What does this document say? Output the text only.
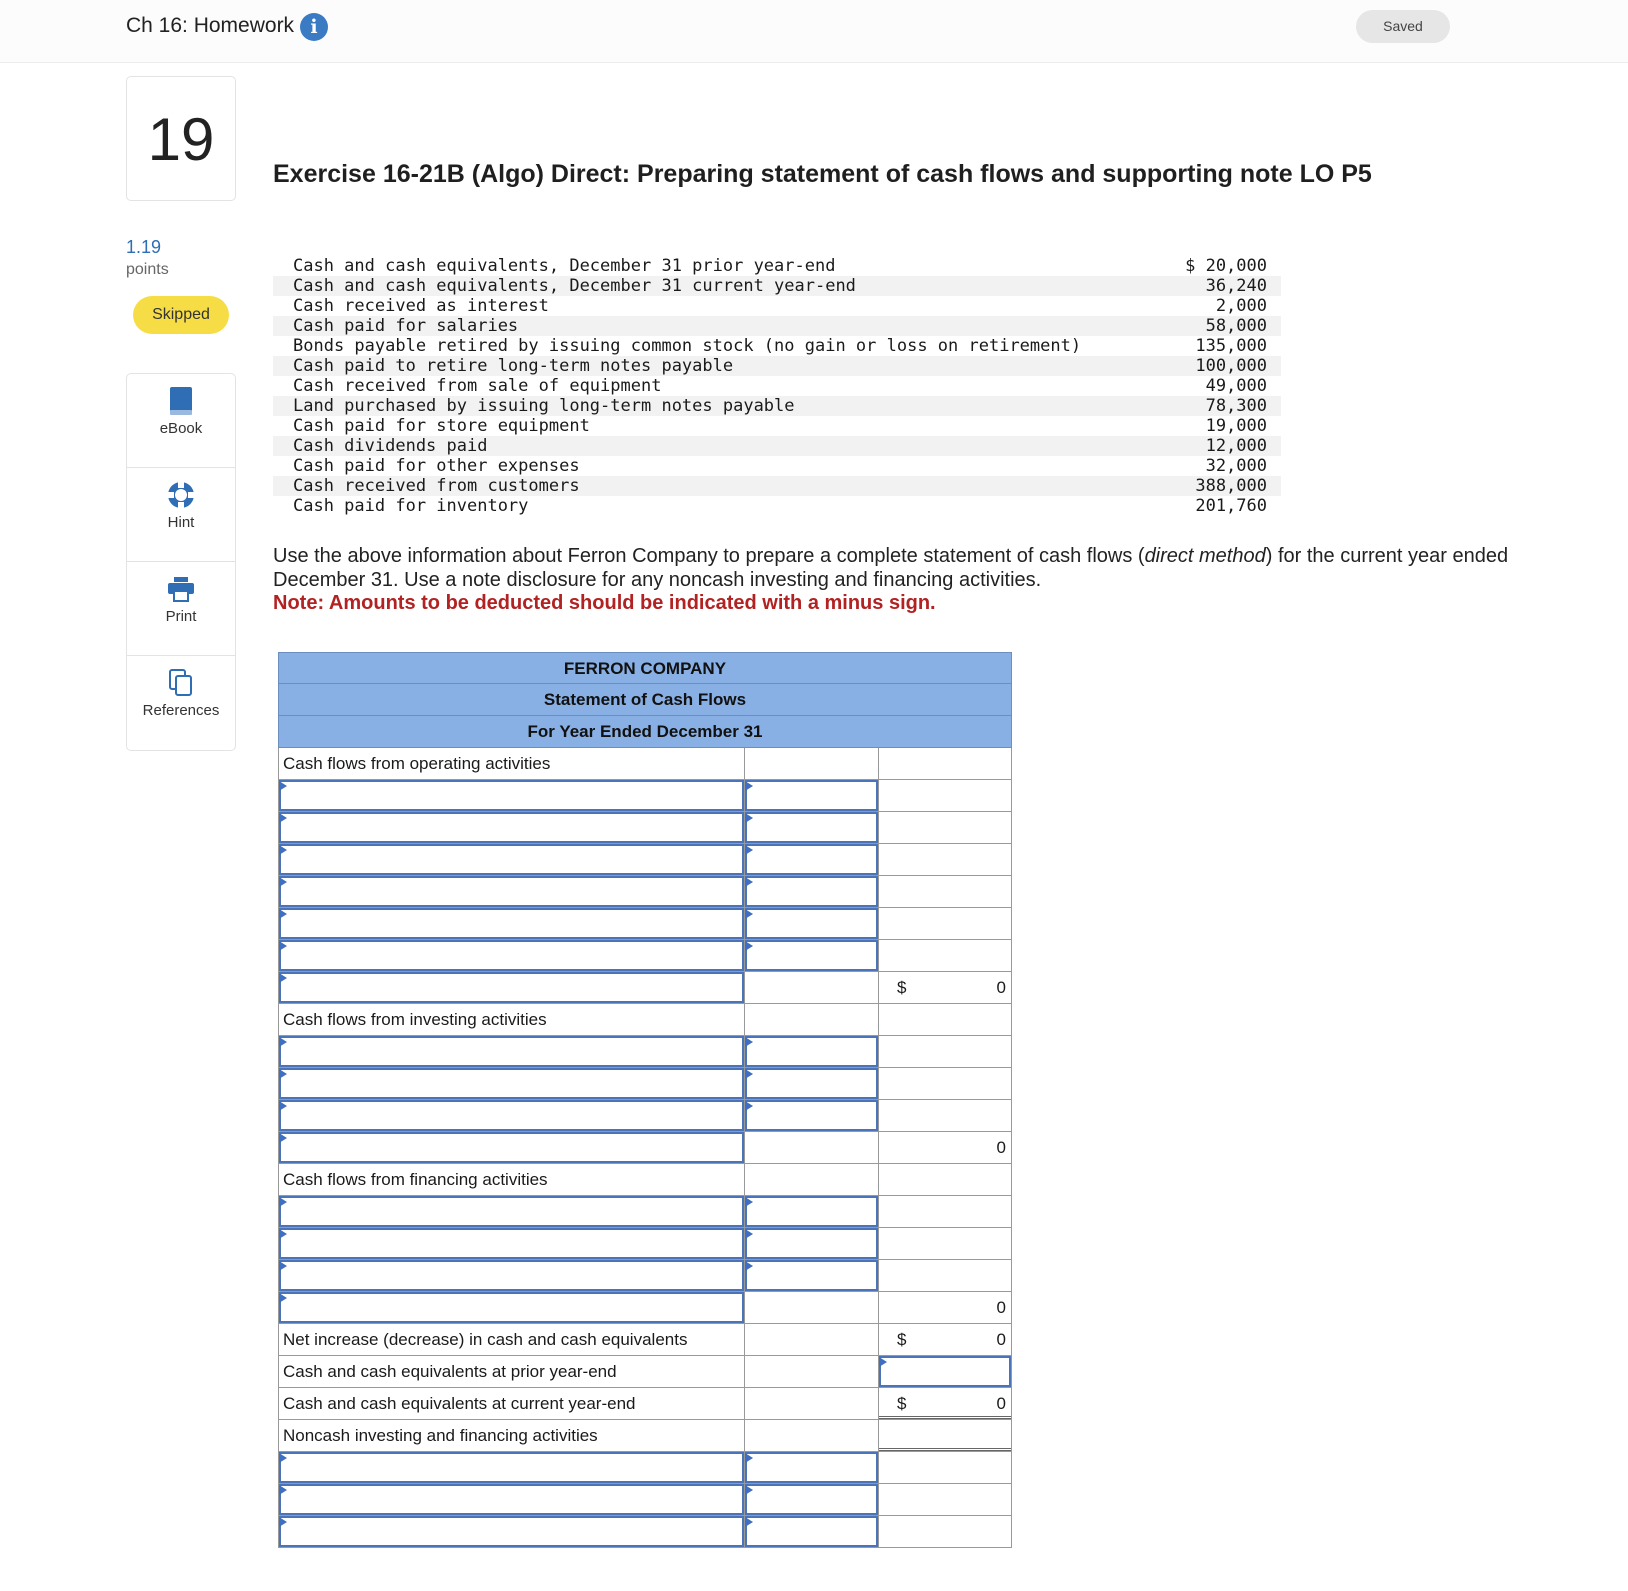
Ch 16: Homework i	Saved
19
1.19
points
Skipped
eBook
Hint
Print
References
Exercise 16-21B (Algo) Direct: Preparing statement of cash flows and supporting note LO P5
Cash and cash equivalents, December 31 prior year-end	$ 20,000
Cash and cash equivalents, December 31 current year-end	36,240
Cash received as interest	2,000
Cash paid for salaries	58,000
Bonds payable retired by issuing common stock (no gain or loss on retirement)	135,000
Cash paid to retire long-term notes payable	100,000
Cash received from sale of equipment	49,000
Land purchased by issuing long-term notes payable	78,300
Cash paid for store equipment	19,000
Cash dividends paid	12,000
Cash paid for other expenses	32,000
Cash received from customers	388,000
Cash paid for inventory	201,760
Use the above information about Ferron Company to prepare a complete statement of cash flows (direct method) for the current year ended December 31. Use a note disclosure for any noncash investing and financing activities.
Note: Amounts to be deducted should be indicated with a minus sign.
FERRON COMPANY
Statement of Cash Flows
For Year Ended December 31
Cash flows from operating activities
$	0
Cash flows from investing activities
0
Cash flows from financing activities
0
Net increase (decrease) in cash and cash equivalents	$	0
Cash and cash equivalents at prior year-end
Cash and cash equivalents at current year-end	$	0
Noncash investing and financing activities
